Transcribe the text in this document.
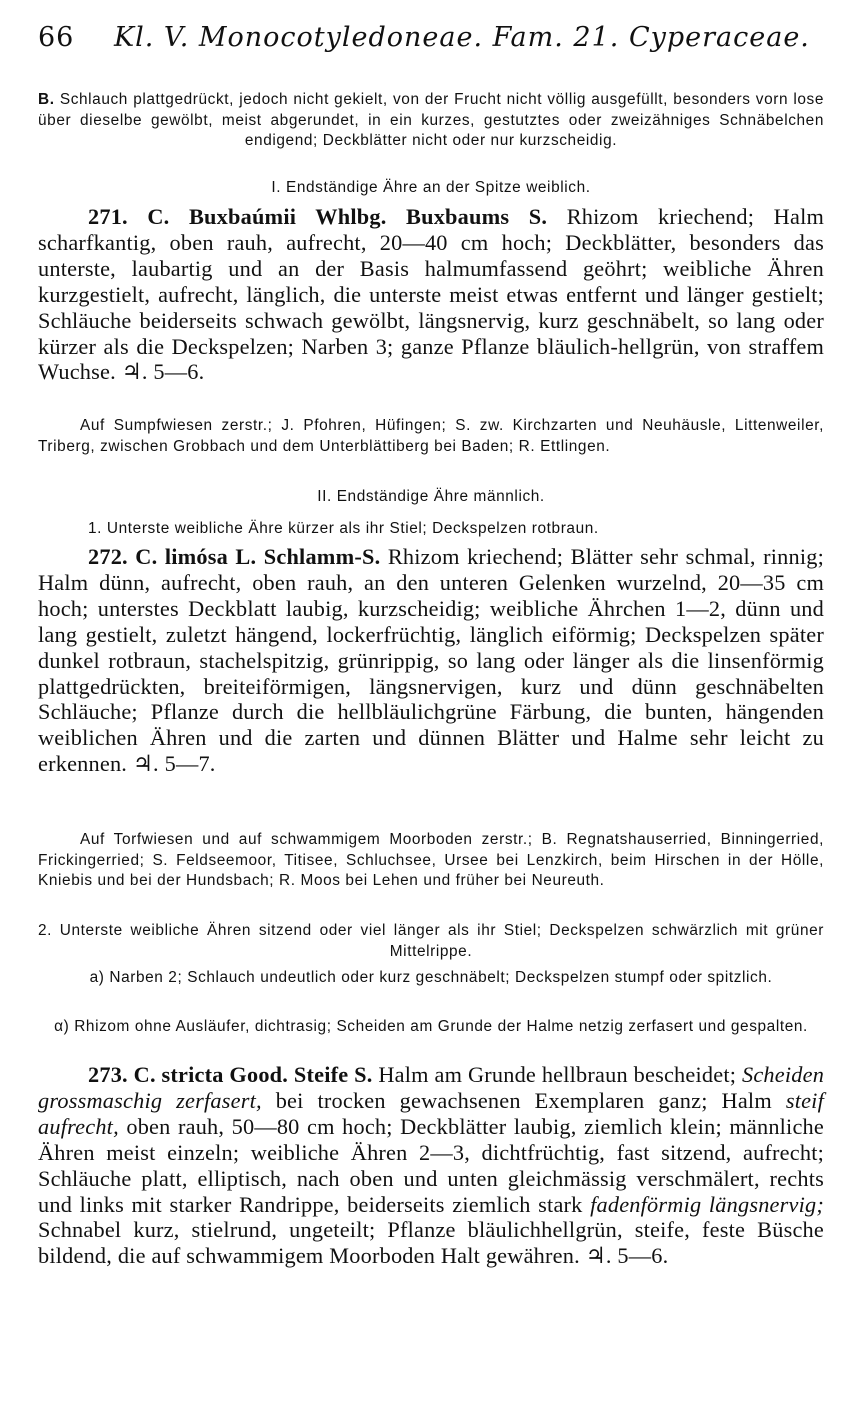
66 Kl. V. Monocotyledoneae. Fam. 21. Cyperaceae.

B. Schlauch plattgedrückt, jedoch nicht gekielt, von der Frucht nicht völlig ausgefüllt, besonders vorn lose über dieselbe gewölbt, meist abgerundet, in ein kurzes, gestutztes oder zweizähniges Schnäbelchen endigend; Deckblätter nicht oder nur kurzscheidig.

I. Endständige Ähre an der Spitze weiblich.

271. C. Buxbaúmii Whlbg. Buxbaums S. Rhizom kriechend; Halm scharfkantig, oben rauh, aufrecht, 20—40 cm hoch; Deckblätter, besonders das unterste, laubartig und an der Basis halmumfassend geöhrt; weibliche Ähren kurzgestielt, aufrecht, länglich, die unterste meist etwas entfernt und länger gestielt; Schläuche beiderseits schwach gewölbt, längsnervig, kurz geschnäbelt, so lang oder kürzer als die Deckspelzen; Narben 3; ganze Pflanze bläulich-hellgrün, von straffem Wuchse. ♃. 5—6.

Auf Sumpfwiesen zerstr.; J. Pfohren, Hüfingen; S. zw. Kirchzarten und Neuhäusle, Littenweiler, Triberg, zwischen Grobbach und dem Unterblättiberg bei Baden; R. Ettlingen.

II. Endständige Ähre männlich.
1. Unterste weibliche Ähre kürzer als ihr Stiel; Deckspelzen rotbraun.

272. C. limósa L. Schlamm-S. Rhizom kriechend; Blätter sehr schmal, rinnig; Halm dünn, aufrecht, oben rauh, an den unteren Gelenken wurzelnd, 20—35 cm hoch; unterstes Deckblatt laubig, kurzscheidig; weibliche Ährchen 1—2, dünn und lang gestielt, zuletzt hängend, lockerfrüchtig, länglich eiförmig; Deckspelzen später dunkel rotbraun, stachelspitzig, grünrippig, so lang oder länger als die linsenförmig plattgedrückten, breiteiförmigen, längsnervigen, kurz und dünn geschnäbelten Schläuche; Pflanze durch die hellbläulichgrüne Färbung, die bunten, hängenden weiblichen Ähren und die zarten und dünnen Blätter und Halme sehr leicht zu erkennen. ♃. 5—7.

Auf Torfwiesen und auf schwammigem Moorboden zerstr.; B. Regnatshauserried, Binningerried, Frickingerried; S. Feldseemoor, Titisee, Schluchsee, Ursee bei Lenzkirch, beim Hirschen in der Hölle, Kniebis und bei der Hundsbach; R. Moos bei Lehen und früher bei Neureuth.

2. Unterste weibliche Ähren sitzend oder viel länger als ihr Stiel; Deckspelzen schwärzlich mit grüner Mittelrippe.

a) Narben 2; Schlauch undeutlich oder kurz geschnäbelt; Deckspelzen stumpf oder spitzlich.

α) Rhizom ohne Ausläufer, dichtrasig; Scheiden am Grunde der Halme netzig zerfasert und gespalten.

273. C. stricta Good. Steife S. Halm am Grunde hellbraun bescheidet; Scheiden grossmaschig zerfasert, bei trocken gewachsenen Exemplaren ganz; Halm steif aufrecht, oben rauh, 50—80 cm hoch; Deckblätter laubig, ziemlich klein; männliche Ähren meist einzeln; weibliche Ähren 2—3, dichtfrüchtig, fast sitzend, aufrecht; Schläuche platt, elliptisch, nach oben und unten gleichmässig verschmälert, rechts und links mit starker Randrippe, beiderseits ziemlich stark fadenförmig längsnervig; Schnabel kurz, stielrund, ungeteilt; Pflanze bläulichhellgrün, steife, feste Büsche bildend, die auf schwammigem Moorboden Halt gewähren. ♃. 5—6.
